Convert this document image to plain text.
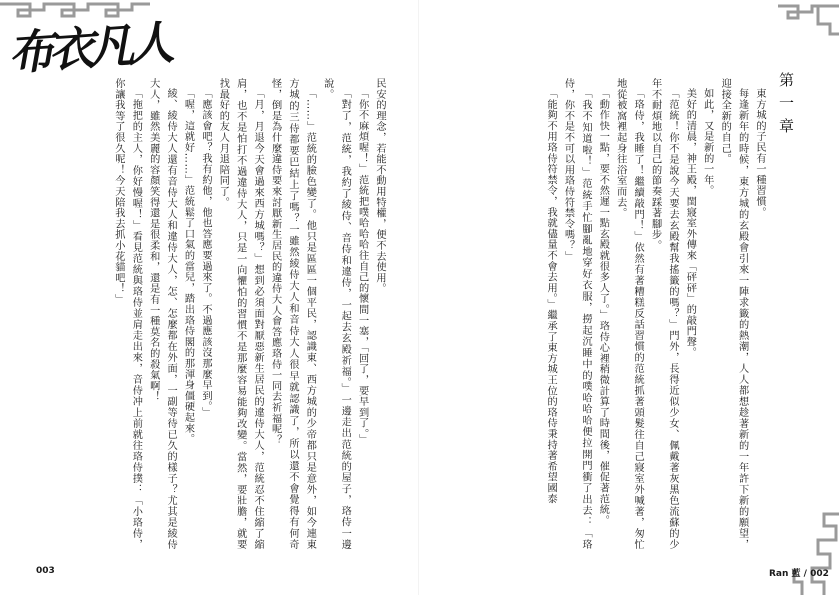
布衣凡人
第一章

東方城的子民有一種習慣。

每逢新年的時候，東方城的玄殿會引來一陣求籤的熱潮，人人都想趁著新的一年許下新的願望，迎接全新的自己。

如此，又是新的一年。

美好的清晨，神王殿，閨寢室外傳來「砰砰」的敲門聲。

「范統！你不是說今天要去玄殿幫我搖籤的嗎？」門外，長得近似少女、佩戴著灰黑色流蘇的少年不耐煩地以自己的節奏踩著腳步。

「珞侍，我睡了！繼續敲門！」依然有著糟糕反話習慣的范統抓著頭髮往自己寢室外喊著，匆忙地從被窩裡起身往浴室而去。

「動作快一點，要不然遲一點玄殿就很多人了。」珞侍心裡稍微計算了時間後，催促著范統。

「我不知道啦！」范統手忙腳亂地穿好衣服，撈起沉睡中的噗哈哈哈便拉開門衝了出去：「珞侍，你不是不可以用珞侍符禁令嗎？」

「能夠不用珞侍符禁令，我就儘量不會去用。」繼承了東方城王位的珞侍秉持著希望國泰

民安的理念，若能不動用特權，便不去使用。

「你不麻煩喔！」范統把噗哈哈哈往自己的懷間一塞，「回了，要早到了。」

「對了，范統，我約了綾侍、音侍和違侍，一起去玄殿祈福。」一邊走出范統的屋子，珞侍一邊說。

「……」范統的臉色變了。他只是區區一個平民，認識東、西方城的少帝都只是意外，如今連東方城的三侍都要巴結上了嗎？一雖然綾侍大人和音侍大人很早就認識了，所以還不會覺得有何奇怪，倒是為什麼違侍要來討厭新生居民的違侍大人會答應珞侍一同去祈福呢？

「月，月退今天會過來西方城嗎？」想到必須面對厭惡新生居民的違侍大人，范統忍不住縮了縮肩，也不是怕打不過違侍大人，只是一向懼怕的習慣不是那麼容易能夠改變。當然，要壯膽，就要找最好的友人月退陪同了。

「應該會吧？我有約他，他也答應要過來了。不過應該沒那麼早到。」

「喔，這就好……」范統鬆了口氣的當兒，踏出珞侍閣的那渾身僵硬起來。

綾、綾侍大人還有音侍大人和違侍大人，怎、怎麼都在外面，一副等待已久的樣子？尤其是綾侍大人，雖然美麗的容顏笑得還是很柔和，還是有一種莫名的殺氣啊！

「拖把的主人，你好慢喔！」看見范統與珞侍並肩走出來，音侍冲上前就往珞侍撲：「小珞侍，你讓我等了很久呢！今天陪我去抓小花貓吧！」

003	Ran 藍 / 002
